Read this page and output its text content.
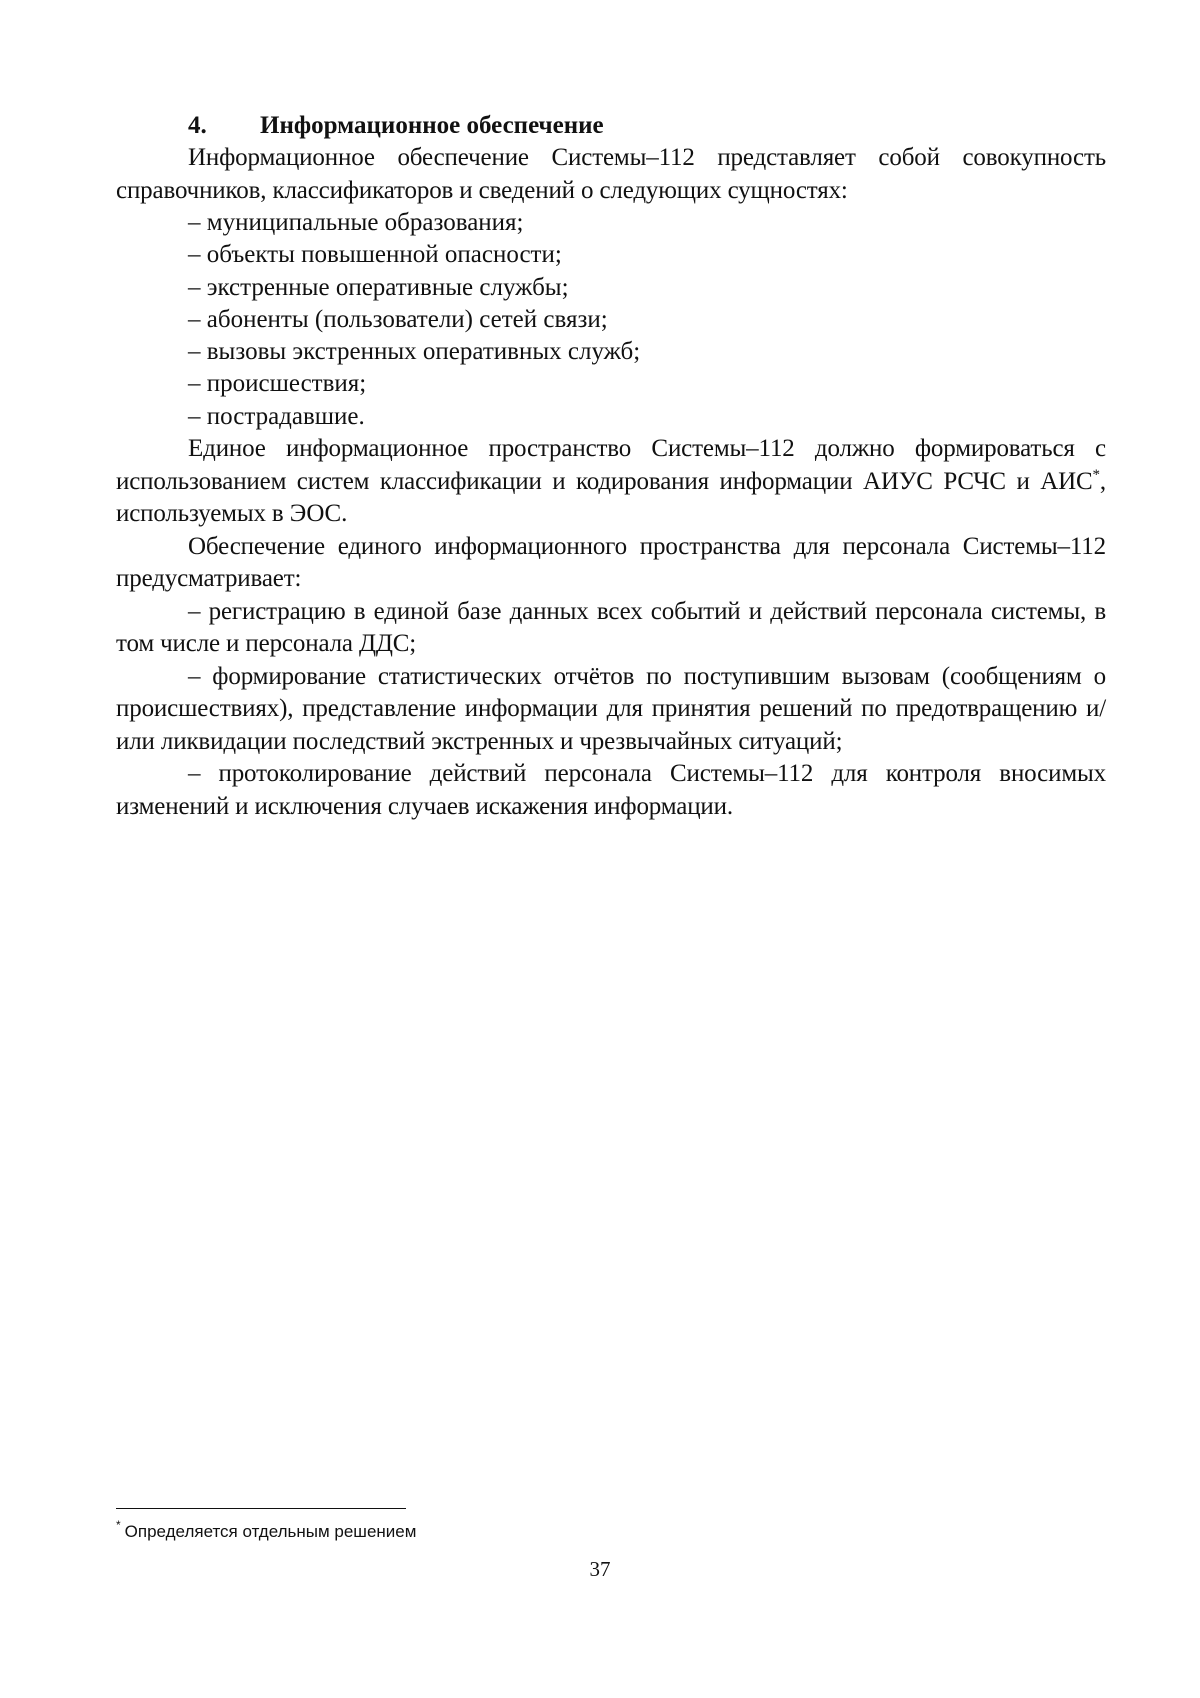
4. Информационное обеспечение

Информационное обеспечение Системы–112 представляет собой совокупность справочников, классификаторов и сведений о следующих сущностях:

– муниципальные образования;

– объекты повышенной опасности;

– экстренные оперативные службы;

– абоненты (пользователи) сетей связи;

– вызовы экстренных оперативных служб;

– происшествия;

– пострадавшие.

Единое информационное пространство Системы–112 должно формироваться с использованием систем классификации и кодирования информации АИУС РСЧС и АИС*, используемых в ЭОС.

Обеспечение единого информационного пространства для персонала Системы–112 предусматривает:

– регистрацию в единой базе данных всех событий и действий персонала системы, в том числе и персонала ДДС;

– формирование статистических отчётов по поступившим вызовам (сообщениям о происшествиях), представление информации для принятия решений по предотвращению и/или ликвидации последствий экстренных и чрезвычайных ситуаций;

– протоколирование действий персонала Системы–112 для контроля вносимых изменений и исключения случаев искажения информации.

* Определяется отдельным решением
37
